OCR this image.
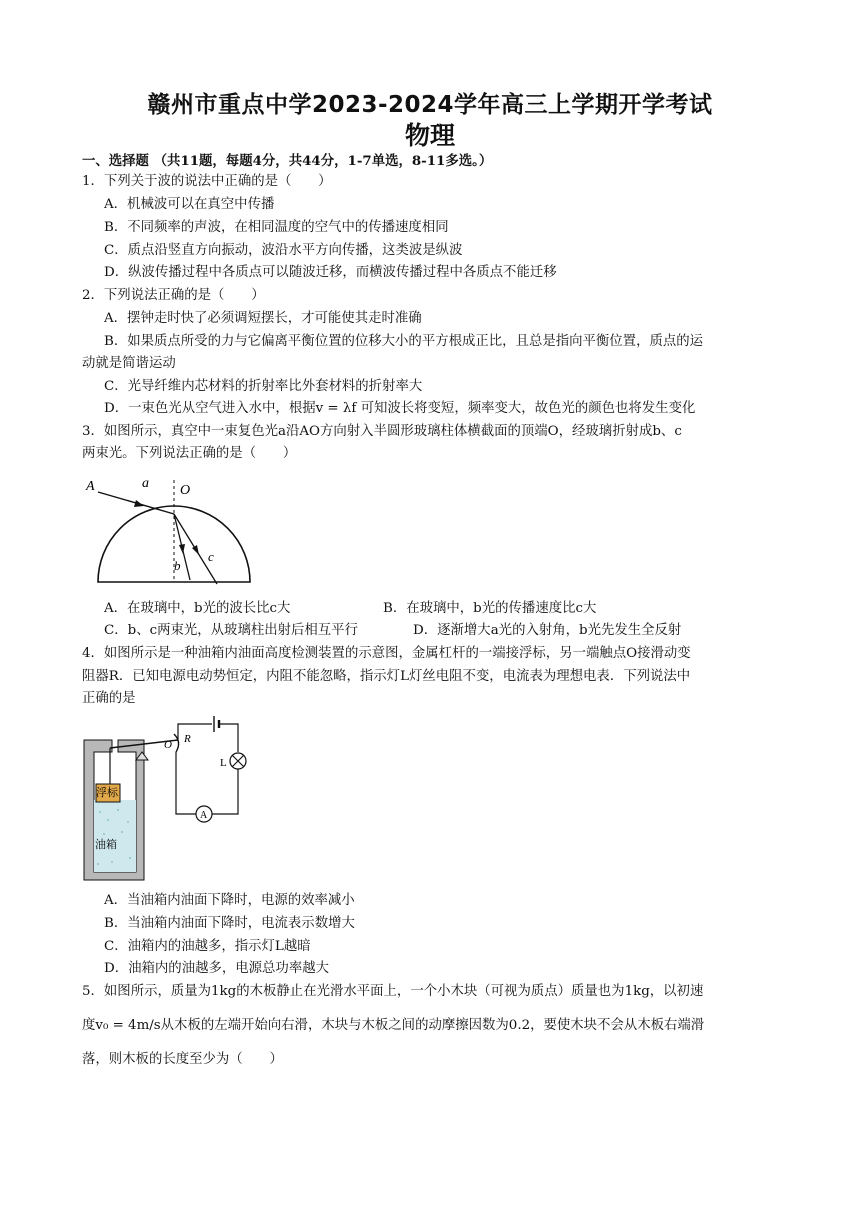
赣州市重点中学2023-2024学年高三上学期开学考试
物理
一、选择题 （共11题，每题4分，共44分，1-7单选，8-11多选。）
1．下列关于波的说法中正确的是（　　）
A．机械波可以在真空中传播
B．不同频率的声波，在相同温度的空气中的传播速度相同
C．质点沿竖直方向振动，波沿水平方向传播，这类波是纵波
D．纵波传播过程中各质点可以随波迁移，而横波传播过程中各质点不能迁移
2．下列说法正确的是（　　）
A．摆钟走时快了必须调短摆长，才可能使其走时准确
B．如果质点所受的力与它偏离平衡位置的位移大小的平方根成正比，且总是指向平衡位置，质点的运
动就是简谐运动
C．光导纤维内芯材料的折射率比外套材料的折射率大
D．一束色光从空气进入水中，根据v = λf 可知波长将变短，频率变大，故色光的颜色也将发生变化
3．如图所示，真空中一束复色光a沿AO方向射入半圆形玻璃柱体横截面的顶端O，经玻璃折射成b、c
两束光。下列说法正确的是（　　）
A	a O
b
c
A．在玻璃中，b光的波长比c大	B．在玻璃中，b光的传播速度比c大
C．b、c两束光，从玻璃柱出射后相互平行	D．逐渐增大a光的入射角，b光先发生全反射
4．如图所示是一种油箱内油面高度检测装置的示意图，金属杠杆的一端接浮标，另一端触点O接滑动变
阻器R．已知电源电动势恒定，内阻不能忽略，指示灯L灯丝电阻不变，电流表为理想电表．下列说法中
正确的是
浮标
油箱
O R
L
A
A．当油箱内油面下降时，电源的效率减小
B．当油箱内油面下降时，电流表示数增大
C．油箱内的油越多，指示灯L越暗
D．油箱内的油越多，电源总功率越大
5．如图所示，质量为1kg的木板静止在光滑水平面上，一个小木块（可视为质点）质量也为1kg，以初速
度v₀ = 4m/s从木板的左端开始向右滑，木块与木板之间的动摩擦因数为0.2，要使木块不会从木板右端滑
落，则木板的长度至少为（　　）
